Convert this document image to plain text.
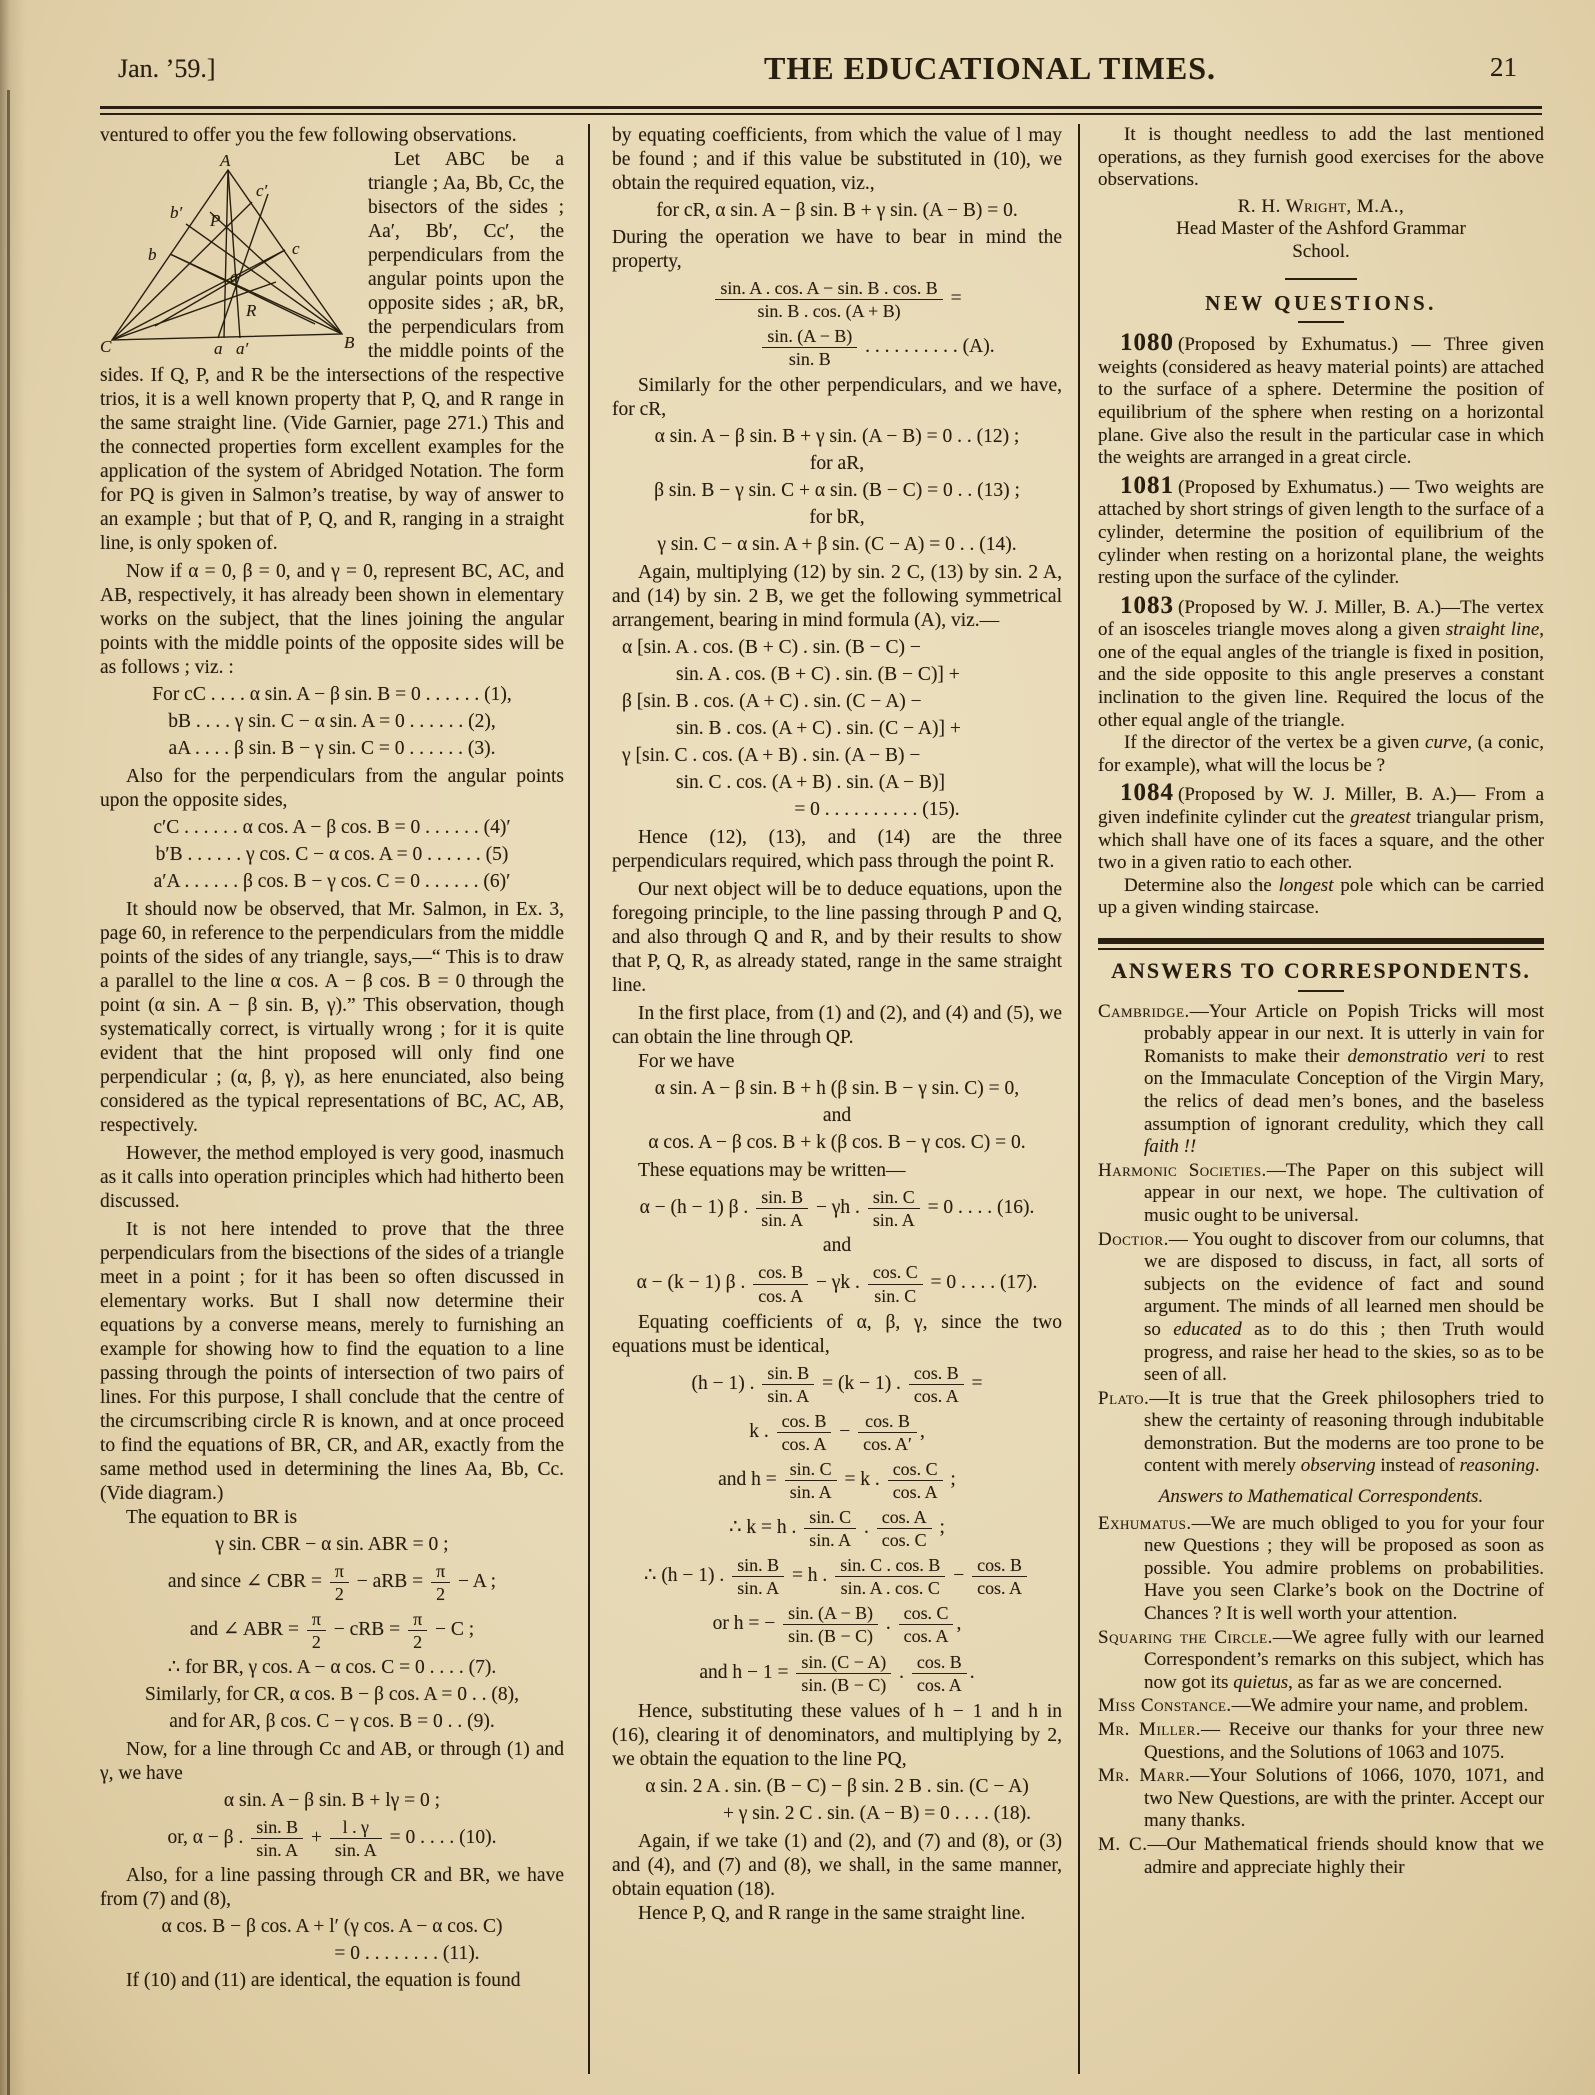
Jan. ’59.]	THE EDUCATIONAL TIMES.	21

ventured to offer you the few following observations.

A
b′
b
P
c′
c
a
R
C	a a′	B

Let ABC be a triangle ; Aa, Bb, Cc, the bisectors of the sides ; Aa′, Bb′, Cc′, the perpendiculars from the angular points upon the opposite sides ; aR, bR, the perpendiculars from the middle points of the sides. If Q, P, and R be the intersections of the respective trios, it is a well known property that P, Q, and R range in the same straight line. (Vide Garnier, page 271.) This and the connected properties form excellent examples for the application of the system of Abridged Notation. The form for PQ is given in Salmon’s treatise, by way of answer to an example ; but that of P, Q, and R, ranging in a straight line, is only spoken of.

Now if α = 0, β = 0, and γ = 0, represent BC, AC, and AB, respectively, it has already been shown in elementary works on the subject, that the lines joining the angular points with the middle points of the opposite sides will be as follows ; viz. :

For cC . . . . α sin. A − β sin. B = 0 . . . . . . (1),

bB . . . . γ sin. C − α sin. A = 0 . . . . . . (2),

aA . . . . β sin. B − γ sin. C = 0 . . . . . . (3).

Also for the perpendiculars from the angular points upon the opposite sides,

c′C . . . . . . α cos. A − β cos. B = 0 . . . . . . (4)′

b′B . . . . . . γ cos. C − α cos. A = 0 . . . . . . (5)

a′A . . . . . . β cos. B − γ cos. C = 0 . . . . . . (6)′

It should now be observed, that Mr. Salmon, in Ex. 3, page 60, in reference to the perpendiculars from the middle points of the sides of any triangle, says,—“ This is to draw a parallel to the line α cos. A − β cos. B = 0 through the point (α sin. A − β sin. B, γ).” This observation, though systematically correct, is virtually wrong ; for it is quite evident that the hint proposed will only find one perpendicular ; (α, β, γ), as here enunciated, also being considered as the typical representations of BC, AC, AB, respectively.

However, the method employed is very good, inasmuch as it calls into operation principles which had hitherto been discussed.

It is not here intended to prove that the three perpendiculars from the bisections of the sides of a triangle meet in a point ; for it has been so often discussed in elementary works. But I shall now determine their equations by a converse means, merely to furnishing an example for showing how to find the equation to a line passing through the points of intersection of two pairs of lines. For this purpose, I shall conclude that the centre of the circumscribing circle R is known, and at once proceed to find the equations of BR, CR, and AR, exactly from the same method used in determining the lines Aa, Bb, Cc. (Vide diagram.)

The equation to BR is

γ sin. CBR − α sin. ABR = 0 ;

and since ∠ CBR = $\frac{\pi}{2}$ − aRB = $\frac{\pi}{2} - A$ ;

and ∠ ABR = $\frac{\pi}{2}$ − cRB = $\frac{\pi}{2} - C$ ;

∴ for BR, γ cos. A − α cos. C = 0 . . . . (7).

Similarly, for CR, α cos. B − β cos. A = 0 . . (8),

and for AR, β cos. C − γ cos. B = 0 . . (9).

Now, for a line through Cc and AB, or through (1) and γ, we have

α sin. A − β sin. B + lγ = 0 ;

or, α − β . $\frac{\sin. B}{\sin. A} + \frac{l . \gamma}{\sin. A} = 0$ . . . . (10).

Also, for a line passing through CR and BR, we have from (7) and (8),

α cos. B − β cos. A + l′ (γ cos. A − α cos. C)

= 0 . . . . . . . . (11).

If (10) and (11) are identical, the equation is found

by equating coefficients, from which the value of l may be found ; and if this value be substituted in (10), we obtain the required equation, viz.,

for cR, α sin. A − β sin. B + γ sin. (A − B) = 0.

During the operation we have to bear in mind the property,

$\frac{\sin. A . \cos. A - \sin. B . \cos. B}{\sin. B . \cos. (A + B)}$ =

$\frac{\sin. (A - B)}{\sin. B}$ . . . . . . . . . . (A).

Similarly for the other perpendiculars, and we have, for cR,

α sin. A − β sin. B + γ sin. (A − B) = 0 . . (12) ;

for aR,

β sin. B − γ sin. C + α sin. (B − C) = 0 . . (13) ;

for bR,

γ sin. C − α sin. A + β sin. (C − A) = 0 . . (14).

Again, multiplying (12) by sin. 2 C, (13) by sin. 2 A, and (14) by sin. 2 B, we get the following symmetrical arrangement, bearing in mind formula (A), viz.—

α [sin. A . cos. (B + C) . sin. (B − C) −

sin. A . cos. (B + C) . sin. (B − C)] +

β [sin. B . cos. (A + C) . sin. (C − A) −

sin. B . cos. (A + C) . sin. (C − A)] +

γ [sin. C . cos. (A + B) . sin. (A − B) −

sin. C . cos. (A + B) . sin. (A − B)]

= 0 . . . . . . . . . . (15).

Hence (12), (13), and (14) are the three perpendiculars required, which pass through the point R.

Our next object will be to deduce equations, upon the foregoing principle, to the line passing through P and Q, and also through Q and R, and by their results to show that P, Q, R, as already stated, range in the same straight line.

In the first place, from (1) and (2), and (4) and (5), we can obtain the line through QP.

For we have

α sin. A − β sin. B + h (β sin. B − γ sin. C) = 0,

and

α cos. A − β cos. B + k (β cos. B − γ cos. C) = 0.

These equations may be written—

α − (h − 1) β . $\frac{\sin. B}{\sin. A} - \gamma h$ . $\frac{\sin. C}{\sin. A} = 0$ . . . . (16).

and

α − (k − 1) β . $\frac{\cos. B}{\cos. A} - \gamma k$ . $\frac{\cos. C}{\sin. C} = 0$ . . . . (17).

Equating coefficients of α, β, γ, since the two equations must be identical,

(h − 1) . $\frac{\sin. B}{\sin. A} = (k - 1)$ . $\frac{\cos. B}{\cos. A}$ =

k . $\frac{\cos. B}{\cos. A} - \frac{\cos. B}{\cos. A'}$ ,

and $h = \frac{\sin. C}{\sin. A} = k$ . $\frac{\cos. C}{\cos. A}$ ;

∴ k = h . $\frac{\sin. C}{\sin. A}$ . $\frac{\cos. A}{\cos. C}$ ;

∴ (h − 1) . $\frac{\sin. B}{\sin. A} = h$ . $\frac{\sin. C . \cos. B}{\sin. A . \cos. C} - \frac{\cos. B}{\cos. A}$

or h = − $\frac{\sin. (A - B)}{\sin. (B - C)}$ . $\frac{\cos. C}{\cos. A}$ ,

and $h - 1 = \frac{\sin. (C - A)}{\sin. (B - C)}$ . $\frac{\cos. B}{\cos. A}$ .

Hence, substituting these values of h − 1 and h in (16), clearing it of denominators, and multiplying by 2, we obtain the equation to the line PQ,

α sin. 2 A . sin. (B − C) − β sin. 2 B . sin. (C − A)

+ γ sin. 2 C . sin. (A − B) = 0 . . . . (18).

Again, if we take (1) and (2), and (7) and (8), or (3) and (4), and (7) and (8), we shall, in the same manner, obtain equation (18).

Hence P, Q, and R range in the same straight line.

It is thought needless to add the last mentioned operations, as they furnish good exercises for the above observations.

R. H. Wright, M.A.,

Head Master of the Ashford Grammar

School.

NEW QUESTIONS.

1080 (Proposed by Exhumatus.) — Three given weights (considered as heavy material points) are attached to the surface of a sphere. Determine the position of equilibrium of the sphere when resting on a horizontal plane. Give also the result in the particular case in which the weights are arranged in a great circle.

1081 (Proposed by Exhumatus.) — Two weights are attached by short strings of given length to the surface of a cylinder, determine the position of equilibrium of the cylinder when resting on a horizontal plane, the weights resting upon the surface of the cylinder.

1083 (Proposed by W. J. Miller, B. A.)—The vertex of an isosceles triangle moves along a given straight line, one of the equal angles of the triangle is fixed in position, and the side opposite to this angle preserves a constant inclination to the given line. Required the locus of the other equal angle of the triangle.

If the director of the vertex be a given curve, (a conic, for example), what will the locus be ?

1084 (Proposed by W. J. Miller, B. A.)— From a given indefinite cylinder cut the greatest triangular prism, which shall have one of its faces a square, and the other two in a given ratio to each other.

Determine also the longest pole which can be carried up a given winding staircase.

ANSWERS TO CORRESPONDENTS.

Cambridge.—Your Article on Popish Tricks will most probably appear in our next. It is utterly in vain for Romanists to make their demonstratio veri to rest on the Immaculate Conception of the Virgin Mary, the relics of dead men’s bones, and the baseless assumption of ignorant credulity, which they call faith !!

Harmonic Societies.—The Paper on this subject will appear in our next, we hope. The cultivation of music ought to be universal.

Doctior.— You ought to discover from our columns, that we are disposed to discuss, in fact, all sorts of subjects on the evidence of fact and sound argument. The minds of all learned men should be so educated as to do this ; then Truth would progress, and raise her head to the skies, so as to be seen of all.

Plato.—It is true that the Greek philosophers tried to shew the certainty of reasoning through indubitable demonstration. But the moderns are too prone to be content with merely observing instead of reasoning.

Answers to Mathematical Correspondents.

Exhumatus.—We are much obliged to you for your four new Questions ; they will be proposed as soon as possible. You admire problems on probabilities. Have you seen Clarke’s book on the Doctrine of Chances ? It is well worth your attention.

Squaring the Circle.—We agree fully with our learned Correspondent’s remarks on this subject, which has now got its quietus, as far as we are concerned.

Miss Constance.—We admire your name, and problem.

Mr. Miller.— Receive our thanks for your three new Questions, and the Solutions of 1063 and 1075.

Mr. Marr.—Your Solutions of 1066, 1070, 1071, and two New Questions, are with the printer. Accept our many thanks.

M. C.—Our Mathematical friends should know that we admire and appreciate highly their
